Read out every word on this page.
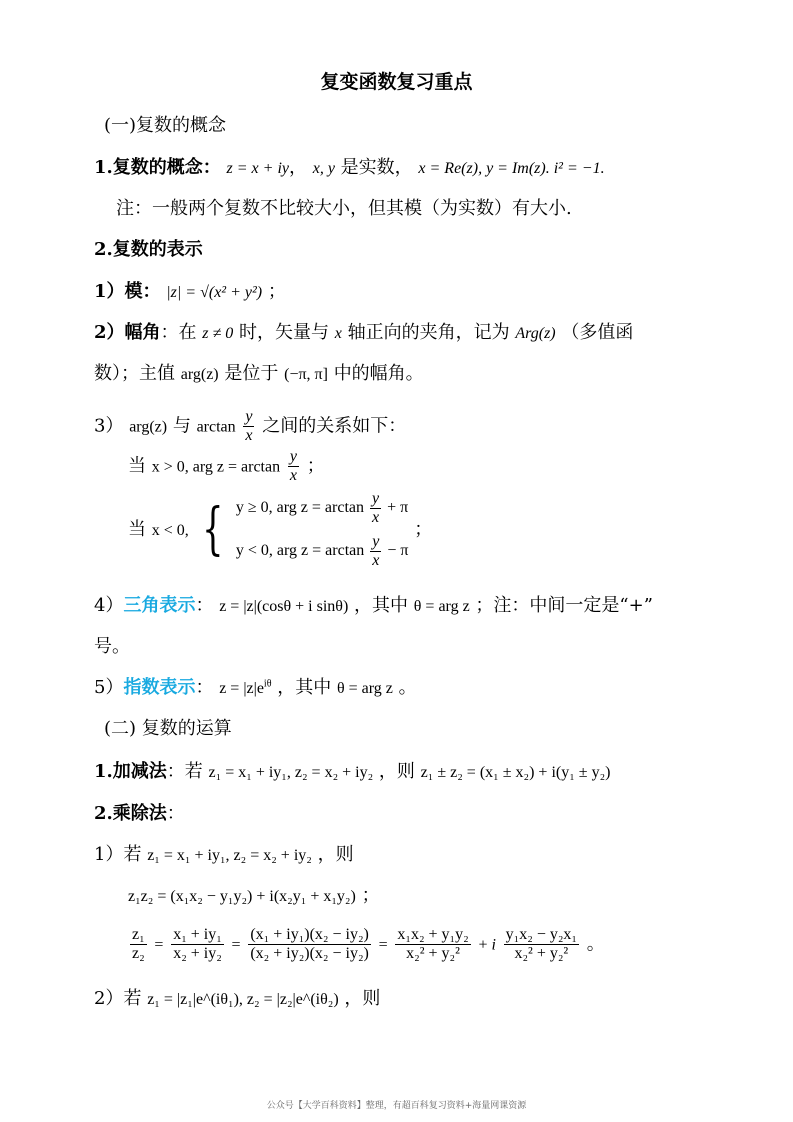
复变函数复习重点
(一)复数的概念
1.复数的概念： z = x + iy， x, y 是实数， x = Re(z), y = Im(z). i² = −1.
注：一般两个复数不比较大小，但其模（为实数）有大小.
2.复数的表示
1）模： |z| = √(x² + y²) ；
2）幅角：在 z ≠ 0 时，矢量与 x 轴正向的夹角，记为 Arg(z) （多值函
数）；主值 arg(z) 是位于 (−π, π] 中的幅角。
3） arg(z) 与 $\arctan \frac{y}{x}$ 之间的关系如下：
当 x > 0, arg $z = \arctan \frac{y}{x}$ ；
当 x < 0, { y ≥ 0, arg $z = \arctan \frac{y}{x} + \pi$
y < 0, arg $z = \arctan \frac{y}{x} - \pi$
；
4）三角表示： z = |z|(cosθ + i sinθ) ，其中 θ = arg z ；注：中间一定是“+”
号。
5）指数表示： $z = |z|e^{i\theta}$ ，其中 θ = arg z 。
(二) 复数的运算
1.加减法：若 z₁ = x₁ + iy₁, z₂ = x₂ + iy₂ ，则 z₁ ± z₂ = (x₁ ± x₂) + i(y₁ ± y₂)
2.乘除法：
1）若 z₁ = x₁ + iy₁, z₂ = x₂ + iy₂ ，则
z₁z₂ = (x₁x₂ − y₁y₂) + i(x₂y₁ + x₁y₂) ；
$\frac{\text{z₁}}{\text{z₂}} = \frac{\text{x₁ + iy₁}}{\text{x₂ + iy₂}} = \frac{\text{(x₁ + iy₁)(x₂ − iy₂)}}{\text{(x₂ + iy₂)(x₂ − iy₂)}} = \frac{\text{x₁x₂ + y₁y₂}}{\text{x₂² + y₂²}} + i \frac{\text{y₁x₂ − y₂x₁}}{\text{x₂² + y₂²}}$ 。
2）若 z₁ = |z₁|e^(iθ₁), z₂ = |z₂|e^(iθ₂) ，则
公众号【大学百科资料】整理，有超百科复习资料+海量网课资源
